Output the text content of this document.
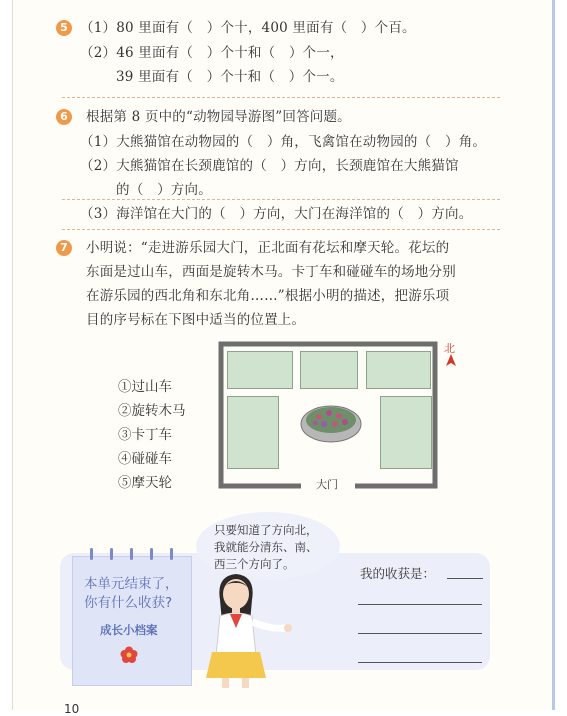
5 （1）80 里面有（　）个十，400 里面有（　）个百。
（2）46 里面有（　）个十和（　）个一，
39 里面有（　）个十和（　）个一。
6	根据第 8 页中的“动物园导游图”回答问题。
（1）大熊猫馆在动物园的（　）角，飞禽馆在动物园的（　）角。
（2）大熊猫馆在长颈鹿馆的（　）方向，长颈鹿馆在大熊猫馆
的（　）方向。
（3）海洋馆在大门的（　）方向，大门在海洋馆的（　）方向。
7	小明说：“走进游乐园大门，正北面有花坛和摩天轮。花坛的
东面是过山车，西面是旋转木马。卡丁车和碰碰车的场地分别
在游乐园的西北角和东北角……”根据小明的描述，把游乐项
目的序号标在下图中适当的位置上。
①过山车
②旋转木马
③卡丁车
④碰碰车
⑤摩天轮	大门
北
只要知道了方向北，
我就能分清东、南、
西三个方向了。
本单元结束了，
你有什么收获?
成长小档案
我的收获是：
10
